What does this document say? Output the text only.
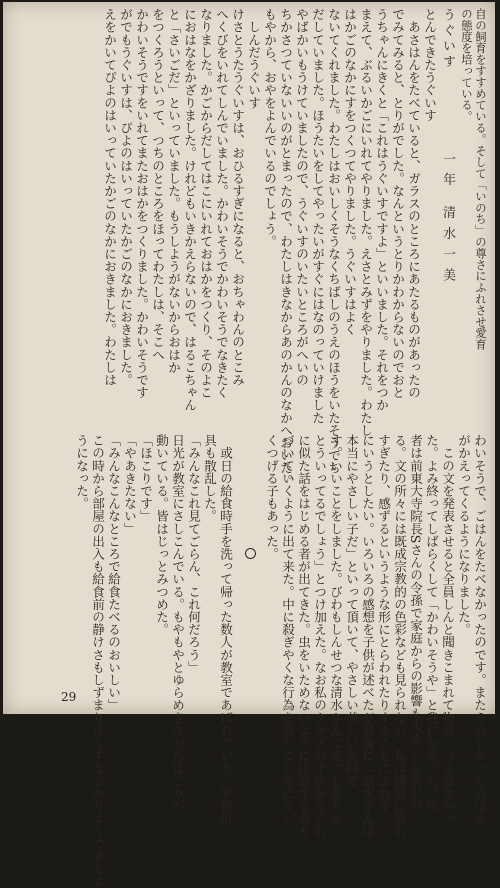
自の飼育をすすめている。そして「いのち」の尊さにふれさせ愛育
の態度を培っている。
うぐいす
一年 清水一美
とんできたうぐいす
　あさはんをたべていると、ガラスのところにあたるものがあったの
でみてみると、とりがでした。なんというとりかわからないのでおと
うちゃんにきくと「これはうぐいすですよ」といいました。それをつか
まえて、ぶるいかごにいれてやりました。えさとみずをやりました。わたし
はかごのなかにすをつくつてやりました。うぐいすはよく
ないてくれました。わたしはおいしくそうなくちばしのうえのほうをいたそうでち
だしていました。ほうたいをしてやったいがすぐにはなのっていけました
やばかいもうけていましたので、うぐいすのいたいところがへいの
ちかさつていないいのがとまったので、わたしはきなからあのかんのなかへおいた。
もやから、おやをよんでいるのでしょう。
　しんだうぐいす
けさとうたうぐいすは、おひるすぎになると、おちゃわんのとこみ
へくびをいれてしんでいました。かわいそうでかわいそうでなきたく
なりました。かごからだしてはこにいれておはかをつくり、そのよこ
におはなをかざりました。けれどもいきかえらないので、はるこちゃん
と「さいごだ」といっていました。もうしようがないからおはか
をつくろうといって、つちのところをほってわたしは、そこへ
かわいそうですをいれてまたおはかをつくりました。かわいそうです
がでもうぐいすは、ぴよのはいっていたかごのなかにおきました。
えをかいてぴよのはいっていたかごのなかにおきました。わたしは
わいそうで、ごはんをたべなかったのです。またうれしかったのはえ
がかえってくるようになりました。
　この文を発表させると全員しんと聞きこまれて物音一つさせなかっ
た。よみ終ってしばらくして「かわいそうや」と我にかえった。作
者は前東大寺院長Sさんの令孫で家庭からの影響も大きいと思われ
る。文の所々には既成宗教的の色彩なども見られない。私は感情に流れ
すぎたり、感ずるというような形にとらわれたりすることにふれず
にいうとしたい。いろいろの感想を子供が述べたが最後に「清水さんは
本当にやさしい子だ」といって頂いて、やさしい美しい気持で
す。いいことをしました。びわもしんせつな清水さんにきっとありが
とういってるでしょう」とつけ加えた。なお私のクラスの子供からこれ
に似た話をはじめる者が出てきた。虫をいためないように注意する者も
づいていくように出て来た。中に殺ぎやくな行為を見たことをにくし
くつげる子もあった。
　或日の給食時手を洗って帰った数人が教室であばれている。学習用
具も散乱した。
「みんなこれ見てごらん、これ何だろう」
日光が教室にさしこんでいる。もやもやとゆらめきながらほこりが
動いている。皆はじっとみつめた。
「ほこりです」
「やあきたない」
「みんなこんなところで給食たべるのおいしい」
この時から部屋の出入も給食前の静けさもしずまりゆくすなつかりよくできるよ
うになった。
29
